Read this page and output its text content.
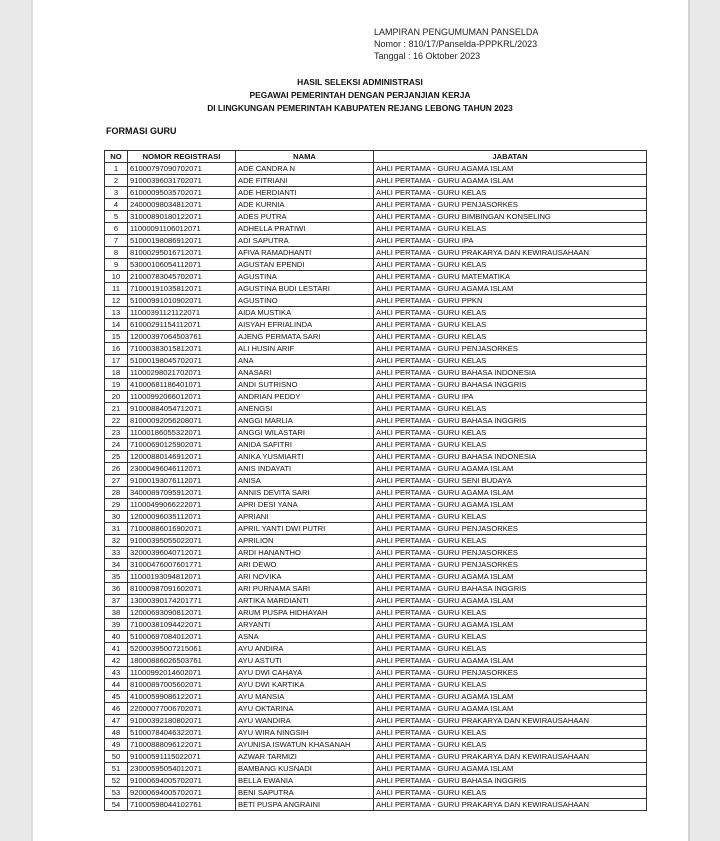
LAMPIRAN PENGUMUMAN PANSELDA
Nomor : 810/17/Panselda-PPPKRL/2023
Tanggal : 16 Oktober 2023
HASIL SELEKSI ADMINISTRASI
PEGAWAI PEMERINTAH DENGAN PERJANJIAN KERJA
DI LINGKUNGAN PEMERINTAH KABUPATEN REJANG LEBONG TAHUN 2023
FORMASI GURU
NO	NOMOR REGISTRASI	NAMA	JABATAN
1	61000797090702071	ADE CANDRA N	AHLI PERTAMA - GURU AGAMA ISLAM
2	91000396031702071	ADE FITRIANI	AHLI PERTAMA - GURU AGAMA ISLAM
3	61000095035702071	ADE HERDIANTI	AHLI PERTAMA - GURU KELAS
4	24000098034812071	ADE KURNIA	AHLI PERTAMA - GURU PENJASORKES
5	31000890180122071	ADES PUTRA	AHLI PERTAMA - GURU BIMBINGAN KONSELING
6	11000091106012071	ADHELLA PRATIWI	AHLI PERTAMA - GURU KELAS
7	51000198086912071	ADI SAPUTRA	AHLI PERTAMA - GURU IPA
8	81000295016712071	AFIVA RAMADHANTI	AHLI PERTAMA - GURU PRAKARYA DAN KEWIRAUSAHAAN
9	53000106054112071	AGUSTAN EPENDI	AHLI PERTAMA - GURU KELAS
10	21000783045702071	AGUSTINA	AHLI PERTAMA - GURU MATEMATIKA
11	71000191035812071	AGUSTINA BUDI LESTARI	AHLI PERTAMA - GURU AGAMA ISLAM
12	51000991010902071	AGUSTINO	AHLI PERTAMA - GURU PPKN
13	11000391121122071	AIDA MUSTIKA	AHLI PERTAMA - GURU KELAS
14	61000291154112071	AISYAH EFRIALINDA	AHLI PERTAMA - GURU KELAS
15	12000397064503761	AJENG PERMATA SARI	AHLI PERTAMA - GURU KELAS
16	71000383015812071	ALI HUSIN ARIF	AHLI PERTAMA - GURU PENJASORKES
17	51000198045702071	ANA	AHLI PERTAMA - GURU KELAS
18	11000298021702071	ANASARI	AHLI PERTAMA - GURU BAHASA INDONESIA
19	41000681186401071	ANDI SUTRISNO	AHLI PERTAMA - GURU BAHASA INGGRIS
20	11000992066012071	ANDRIAN PEDDY	AHLI PERTAMA - GURU IPA
21	91000884054712071	ANENGSI	AHLI PERTAMA - GURU KELAS
22	81000092056208071	ANGGI MARLIA	AHLI PERTAMA - GURU BAHASA INGGRIS
23	11000186055322071	ANGGI WILASTARI	AHLI PERTAMA - GURU KELAS
24	71000690125902071	ANIDA SAFITRI	AHLI PERTAMA - GURU KELAS
25	12000880146912071	ANIKA YUSMIARTI	AHLI PERTAMA - GURU BAHASA INDONESIA
26	23000496046112071	ANIS INDAYATI	AHLI PERTAMA - GURU AGAMA ISLAM
27	91000193076112071	ANISA	AHLI PERTAMA - GURU SENI BUDAYA
28	34000897095912071	ANNIS DEVITA SARI	AHLI PERTAMA - GURU AGAMA ISLAM
29	11000499066222071	APRI DESI YANA	AHLI PERTAMA - GURU AGAMA ISLAM
30	12000096035112071	APRIANI	AHLI PERTAMA - GURU KELAS
31	71000886016902071	APRIL YANTI DWI PUTRI	AHLI PERTAMA - GURU PENJASORKES
32	91000395055022071	APRILION	AHLI PERTAMA - GURU KELAS
33	32000396040712071	ARDI HANANTHO	AHLI PERTAMA - GURU PENJASORKES
34	31000476007601771	ARI DEWO	AHLI PERTAMA - GURU PENJASORKES
35	11000193094812071	ARI NOVIKA	AHLI PERTAMA - GURU AGAMA ISLAM
36	81000987091602071	ARI PURNAMA SARI	AHLI PERTAMA - GURU BAHASA INGGRIS
37	13000390174201771	ARTIKA MARDIANTI	AHLI PERTAMA - GURU AGAMA ISLAM
38	12000693090812071	ARUM PUSPA HIDHAYAH	AHLI PERTAMA - GURU KELAS
39	71000381094422071	ARYANTI	AHLI PERTAMA - GURU AGAMA ISLAM
40	51000697084012071	ASNA	AHLI PERTAMA - GURU KELAS
41	52000395007215061	AYU ANDIRA	AHLI PERTAMA - GURU KELAS
42	18000886026503761	AYU ASTUTI	AHLI PERTAMA - GURU AGAMA ISLAM
43	11000992014602071	AYU DWI CAHAYA	AHLI PERTAMA - GURU PENJASORKES
44	81000897005602071	AYU DWI KARTIKA	AHLI PERTAMA - GURU KELAS
45	41000599086122071	AYU MANSIA	AHLI PERTAMA - GURU AGAMA ISLAM
46	22000077006702071	AYU OKTARINA	AHLI PERTAMA - GURU AGAMA ISLAM
47	91000392180802071	AYU WANDIRA	AHLI PERTAMA - GURU PRAKARYA DAN KEWIRAUSAHAAN
48	51000784046322071	AYU WIRA NINGSIH	AHLI PERTAMA - GURU KELAS
49	71000888096122071	AYUNISA ISWATUN KHASANAH	AHLI PERTAMA - GURU KELAS
50	91000591115022071	AZWAR TARMIZI	AHLI PERTAMA - GURU PRAKARYA DAN KEWIRAUSAHAAN
51	23000595054012071	BAMBANG KUSNADI	AHLI PERTAMA - GURU AGAMA ISLAM
52	91000694005702071	BELLA EWANIA	AHLI PERTAMA - GURU BAHASA INGGRIS
53	92000694005702071	BENI SAPUTRA	AHLI PERTAMA - GURU KELAS
54	71000598044102761	BETI PUSPA ANGRAINI	AHLI PERTAMA - GURU PRAKARYA DAN KEWIRAUSAHAAN
